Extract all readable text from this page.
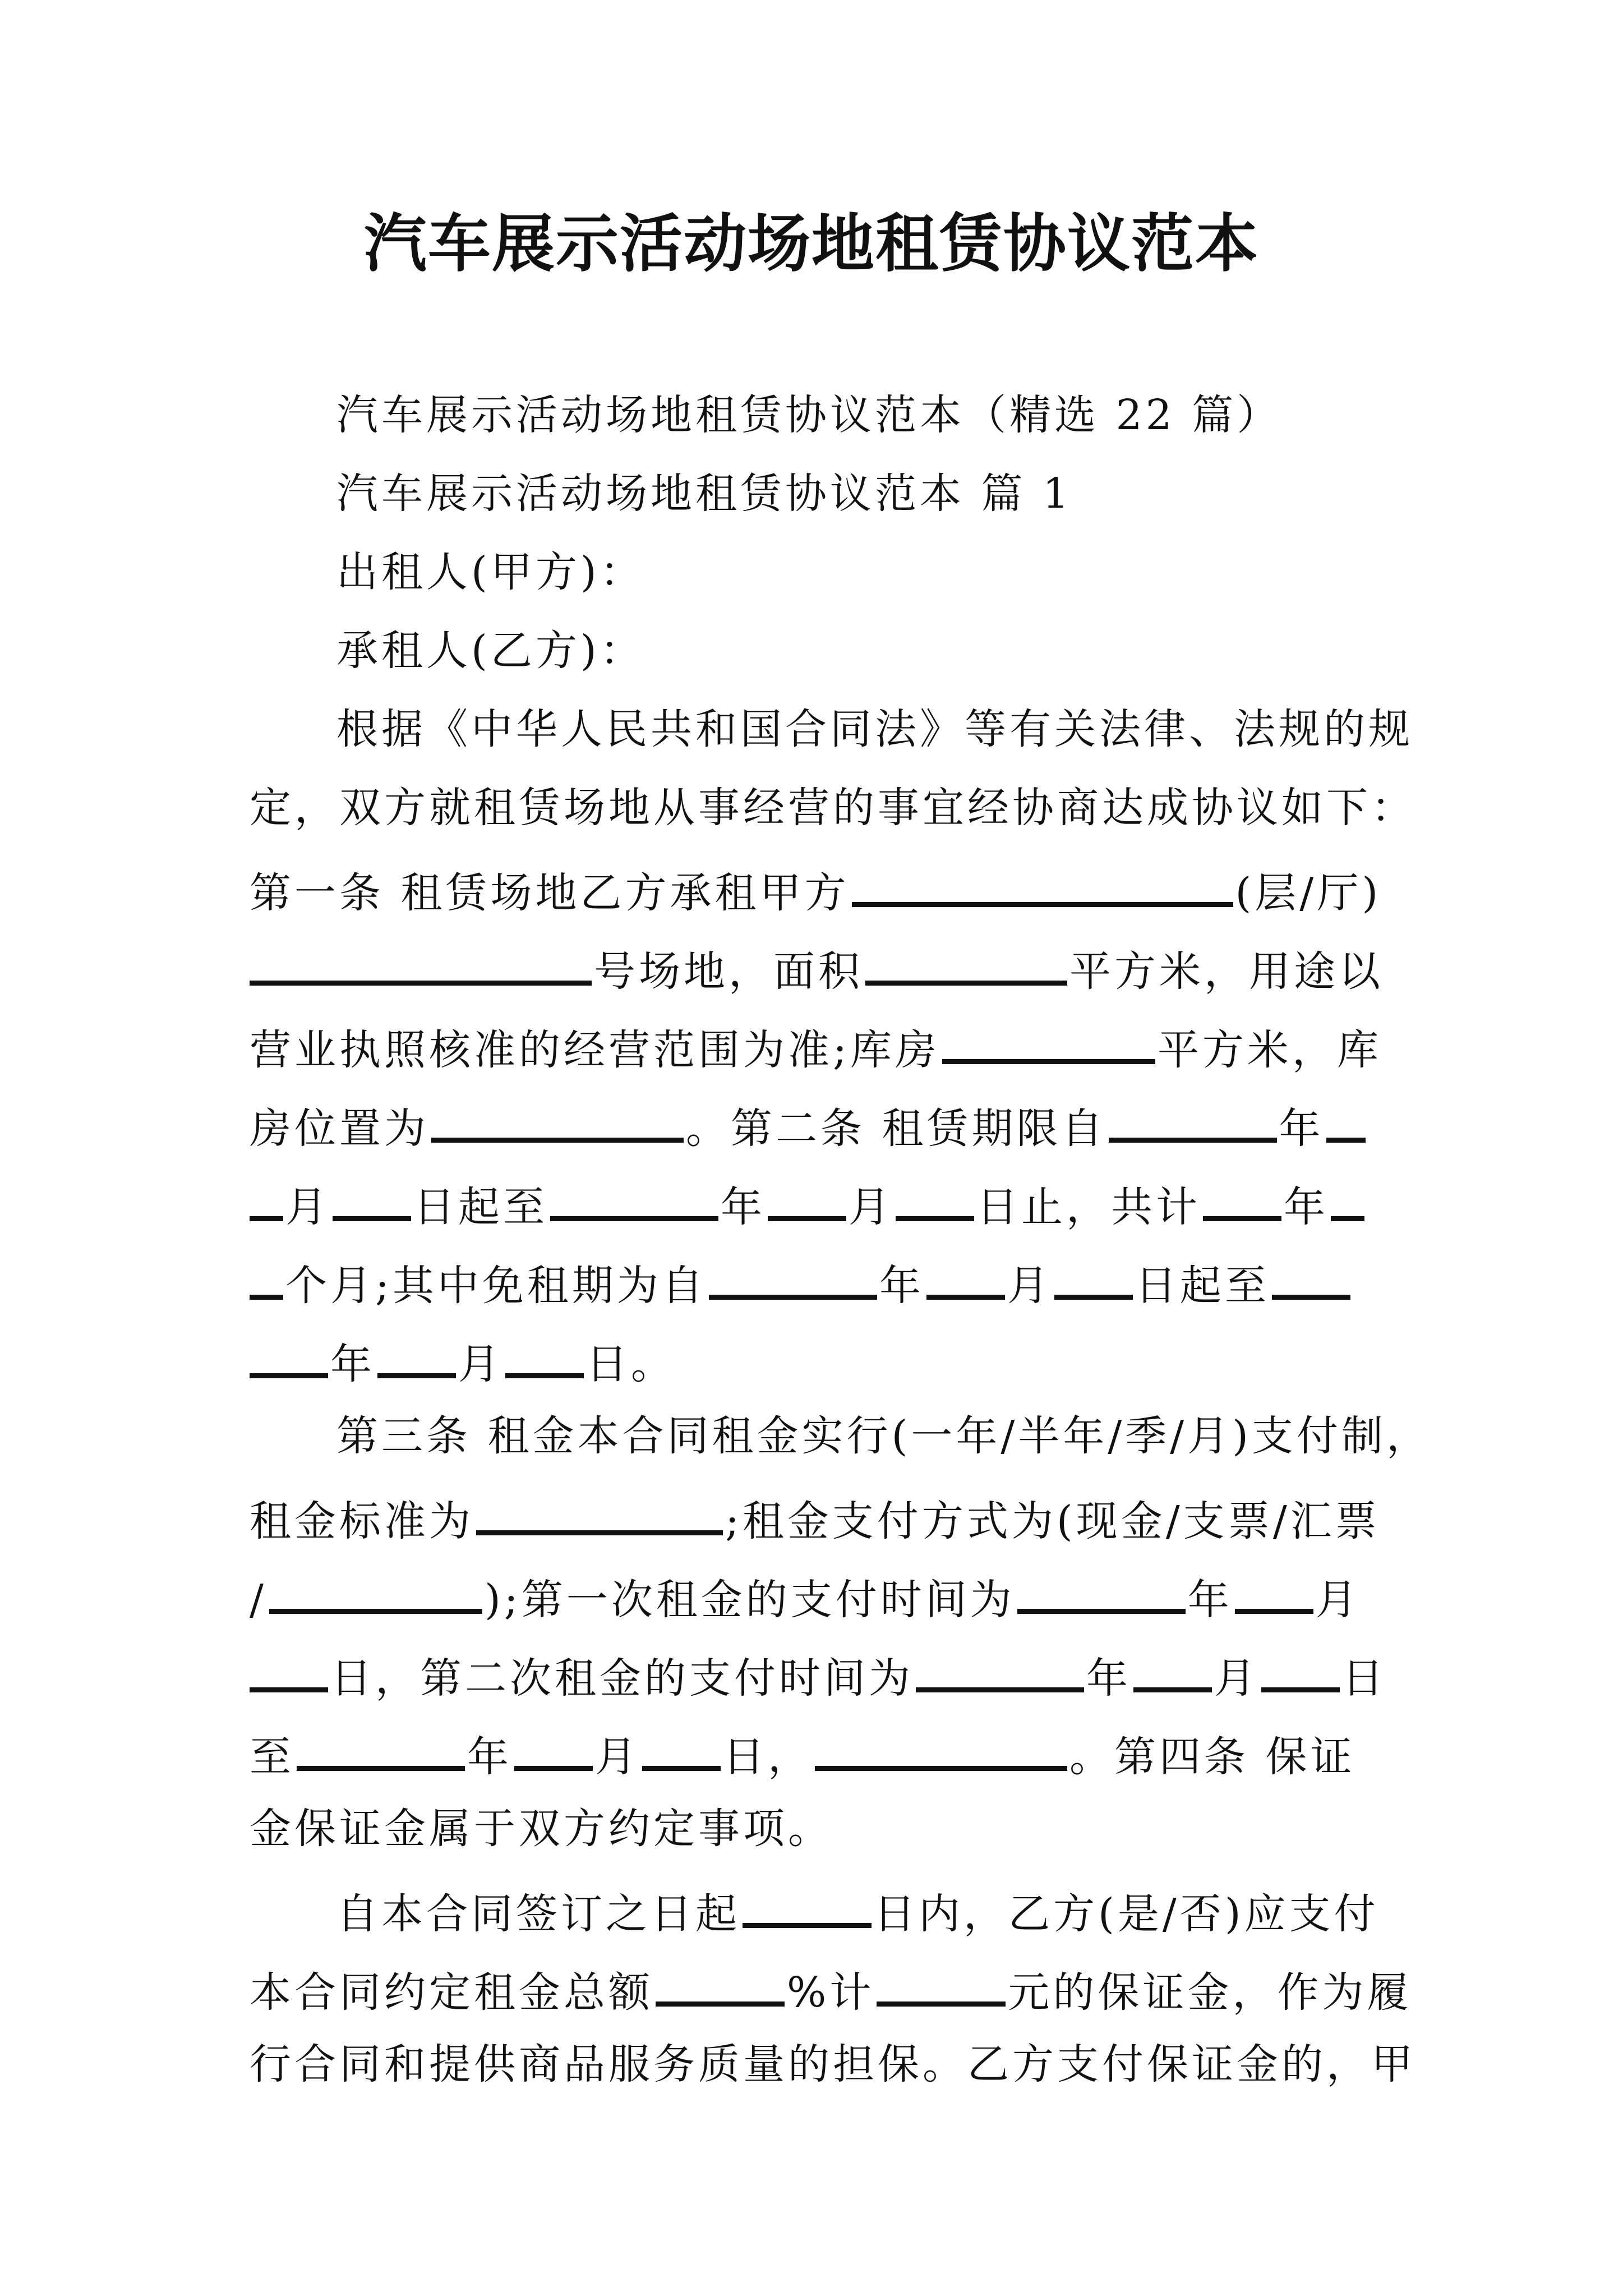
汽车展示活动场地租赁协议范本
汽车展示活动场地租赁协议范本（精选 22 篇）
汽车展示活动场地租赁协议范本 篇 1
出租人(甲方)：
承租人(乙方)：
根据《中华人民共和国合同法》等有关法律、法规的规
定，双方就租赁场地从事经营的事宜经协商达成协议如下：
第一条 租赁场地乙方承租甲方	(层/厅)
号场地，面积	平方米，用途以
营业执照核准的经营范围为准;库房	平方米，库
房位置为	。第二条 租赁期限自	年
月 日起至	年 月 日止，共计 年
个月;其中免租期为自	年 月 日起至
年 月 日。
第三条 租金本合同租金实行(一年/半年/季/月)支付制，
租金标准为	;租金支付方式为(现金/支票/汇票
/	);第一次租金的支付时间为	年 月
日，第二次租金的支付时间为	年 月 日
至	年 月 日，	。第四条 保证
金保证金属于双方约定事项。
自本合同签订之日起	日内，乙方(是/否)应支付
本合同约定租金总额	%计	元的保证金，作为履
行合同和提供商品服务质量的担保。乙方支付保证金的，甲
